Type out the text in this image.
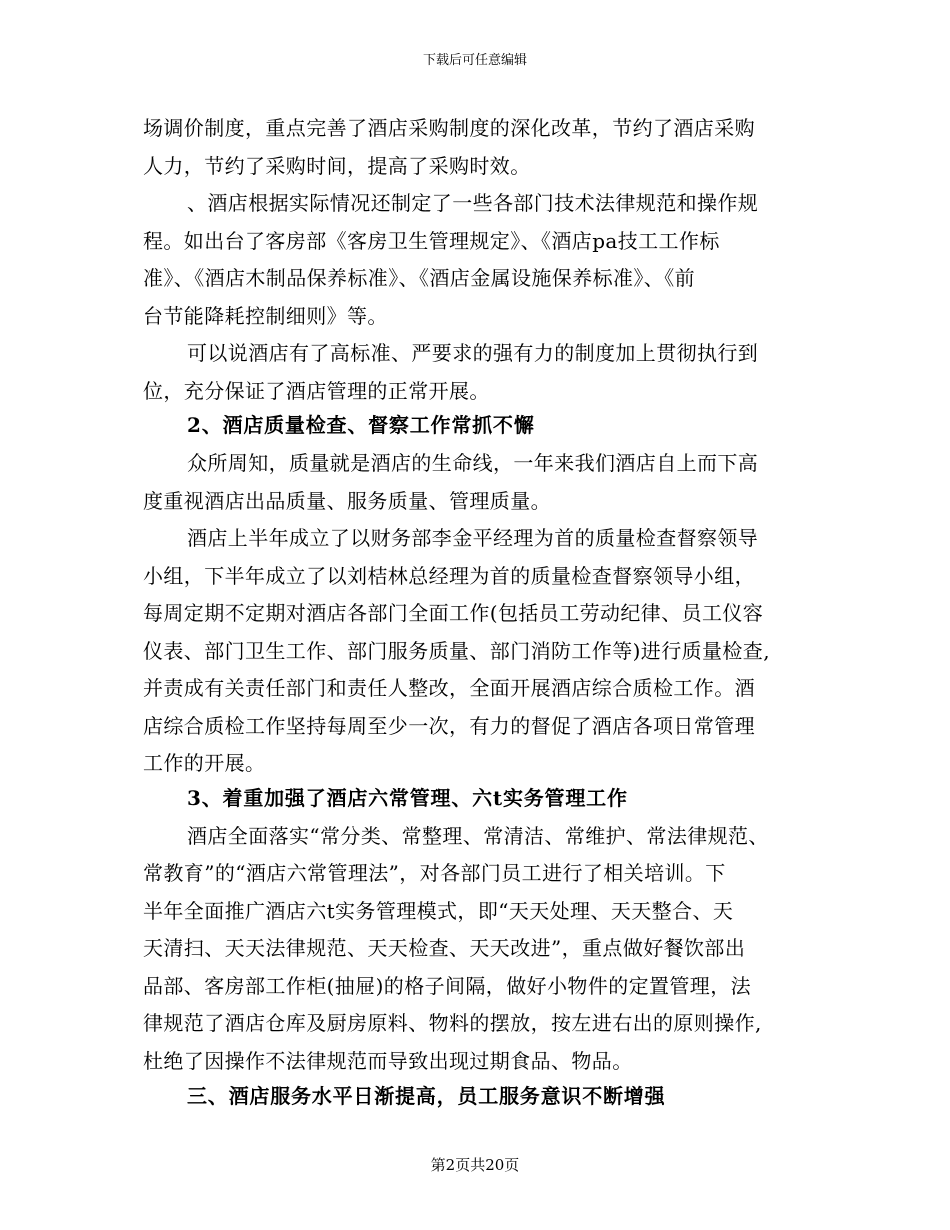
下载后可任意编辑
场调价制度，重点完善了酒店采购制度的深化改革，节约了酒店采购
人力，节约了采购时间，提高了采购时效。
、酒店根据实际情况还制定了一些各部门技术法律规范和操作规
程。如出台了客房部《客房卫生管理规定》、《酒店pa技工工作标
准》、《酒店木制品保养标准》、《酒店金属设施保养标准》、《前
台节能降耗控制细则》等。
可以说酒店有了高标准、严要求的强有力的制度加上贯彻执行到
位，充分保证了酒店管理的正常开展。
2、酒店质量检查、督察工作常抓不懈
众所周知，质量就是酒店的生命线，一年来我们酒店自上而下高
度重视酒店出品质量、服务质量、管理质量。
酒店上半年成立了以财务部李金平经理为首的质量检查督察领导
小组，下半年成立了以刘桔林总经理为首的质量检查督察领导小组，
每周定期不定期对酒店各部门全面工作(包括员工劳动纪律、员工仪容
仪表、部门卫生工作、部门服务质量、部门消防工作等)进行质量检查,
并责成有关责任部门和责任人整改，全面开展酒店综合质检工作。酒
店综合质检工作坚持每周至少一次，有力的督促了酒店各项日常管理
工作的开展。
3、着重加强了酒店六常管理、六t实务管理工作
酒店全面落实“常分类、常整理、常清洁、常维护、常法律规范、
常教育”的“酒店六常管理法”，对各部门员工进行了相关培训。下
半年全面推广酒店六t实务管理模式，即“天天处理、天天整合、天
天清扫、天天法律规范、天天检查、天天改进”，重点做好餐饮部出
品部、客房部工作柜(抽屉)的格子间隔，做好小物件的定置管理，法
律规范了酒店仓库及厨房原料、物料的摆放，按左进右出的原则操作,
杜绝了因操作不法律规范而导致出现过期食品、物品。
三、酒店服务水平日渐提高，员工服务意识不断增强
第2页共20页
